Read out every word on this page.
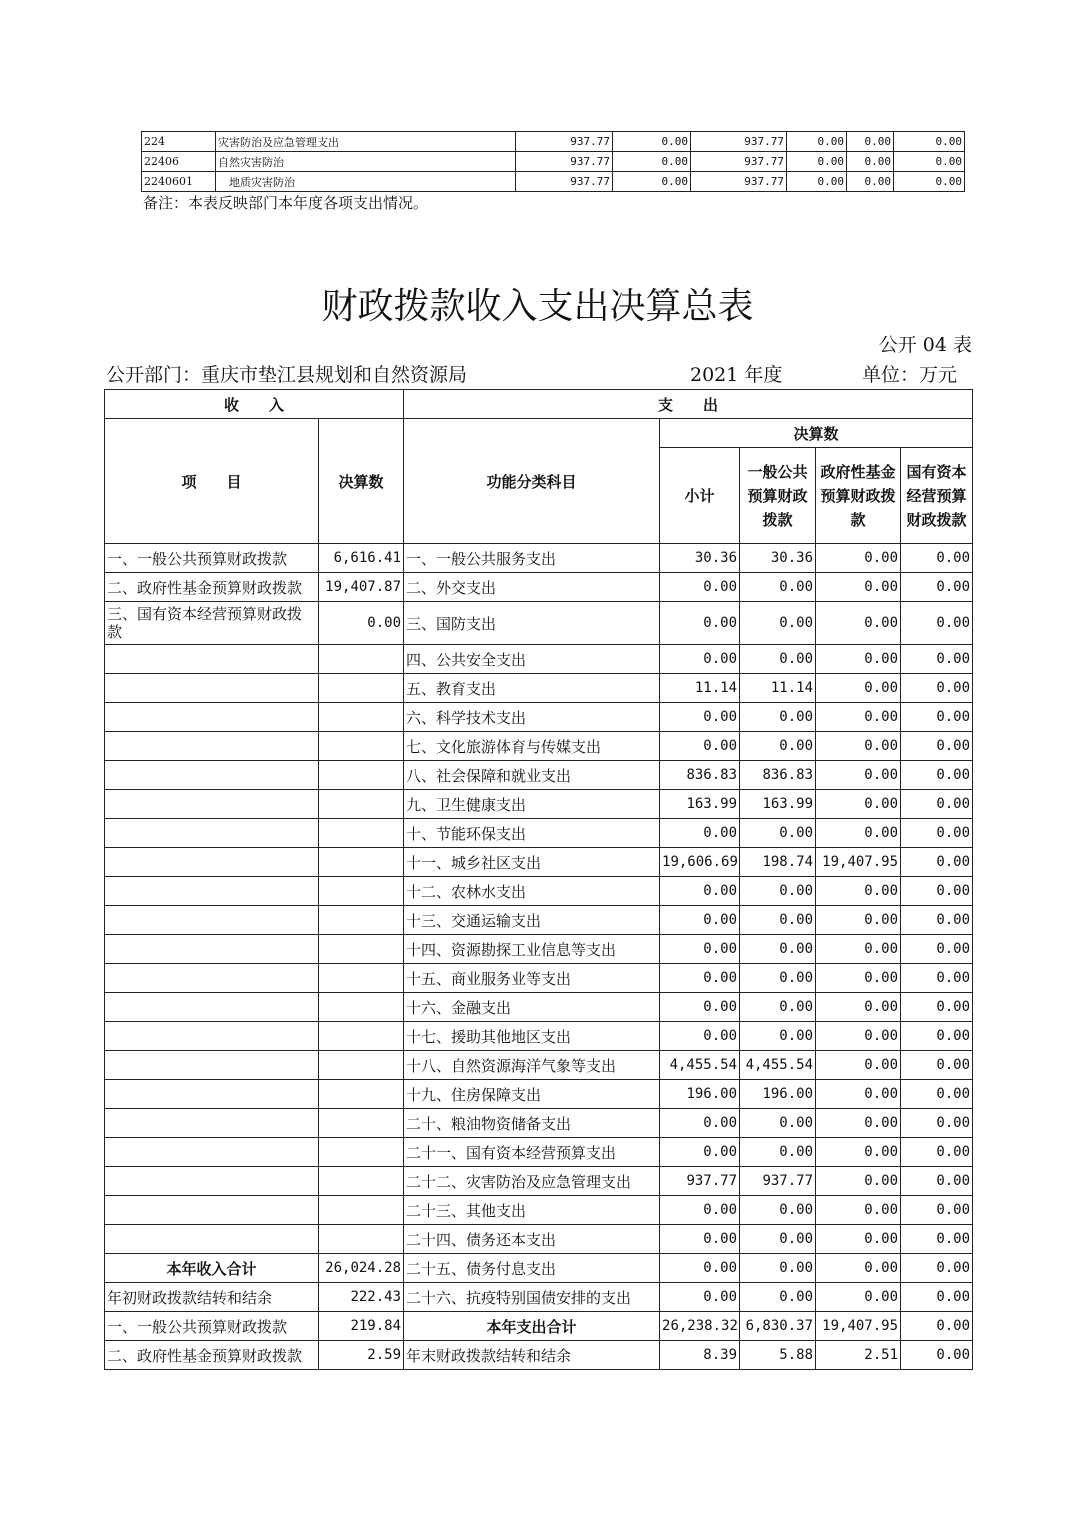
224	灾害防治及应急管理支出	937.77	0.00	937.77	0.00	0.00	0.00
22406	自然灾害防治	937.77	0.00	937.77	0.00	0.00	0.00
2240601	　地质灾害防治	937.77	0.00	937.77	0.00	0.00	0.00
备注：本表反映部门本年度各项支出情况。
财政拨款收入支出决算总表
公开 04 表
公开部门：重庆市垫江县规划和自然资源局	2021 年度	单位：万元
收　　入		支　　出				
项　　目	决算数	功能分类科目	决算数			
			小计	一般公共预算财政拨款	政府性基金预算财政拨款	国有资本经营预算财政拨款
一、一般公共预算财政拨款	6,616.41	一、一般公共服务支出	30.36	30.36	0.00	0.00
二、政府性基金预算财政拨款	19,407.87	二、外交支出	0.00	0.00	0.00	0.00
三、国有资本经营预算财政拨款	0.00	三、国防支出	0.00	0.00	0.00	0.00
		四、公共安全支出	0.00	0.00	0.00	0.00
		五、教育支出	11.14	11.14	0.00	0.00
		六、科学技术支出	0.00	0.00	0.00	0.00
		七、文化旅游体育与传媒支出	0.00	0.00	0.00	0.00
		八、社会保障和就业支出	836.83	836.83	0.00	0.00
		九、卫生健康支出	163.99	163.99	0.00	0.00
		十、节能环保支出	0.00	0.00	0.00	0.00
		十一、城乡社区支出	19,606.69	198.74	19,407.95	0.00
		十二、农林水支出	0.00	0.00	0.00	0.00
		十三、交通运输支出	0.00	0.00	0.00	0.00
		十四、资源勘探工业信息等支出	0.00	0.00	0.00	0.00
		十五、商业服务业等支出	0.00	0.00	0.00	0.00
		十六、金融支出	0.00	0.00	0.00	0.00
		十七、援助其他地区支出	0.00	0.00	0.00	0.00
		十八、自然资源海洋气象等支出	4,455.54	4,455.54	0.00	0.00
		十九、住房保障支出	196.00	196.00	0.00	0.00
		二十、粮油物资储备支出	0.00	0.00	0.00	0.00
		二十一、国有资本经营预算支出	0.00	0.00	0.00	0.00
		二十二、灾害防治及应急管理支出	937.77	937.77	0.00	0.00
		二十三、其他支出	0.00	0.00	0.00	0.00
		二十四、债务还本支出	0.00	0.00	0.00	0.00
本年收入合计	26,024.28	二十五、债务付息支出	0.00	0.00	0.00	0.00
年初财政拨款结转和结余	222.43	二十六、抗疫特别国债安排的支出	0.00	0.00	0.00	0.00
一、一般公共预算财政拨款	219.84	本年支出合计	26,238.32	6,830.37	19,407.95	0.00
二、政府性基金预算财政拨款	2.59	年末财政拨款结转和结余	8.39	5.88	2.51	0.00
